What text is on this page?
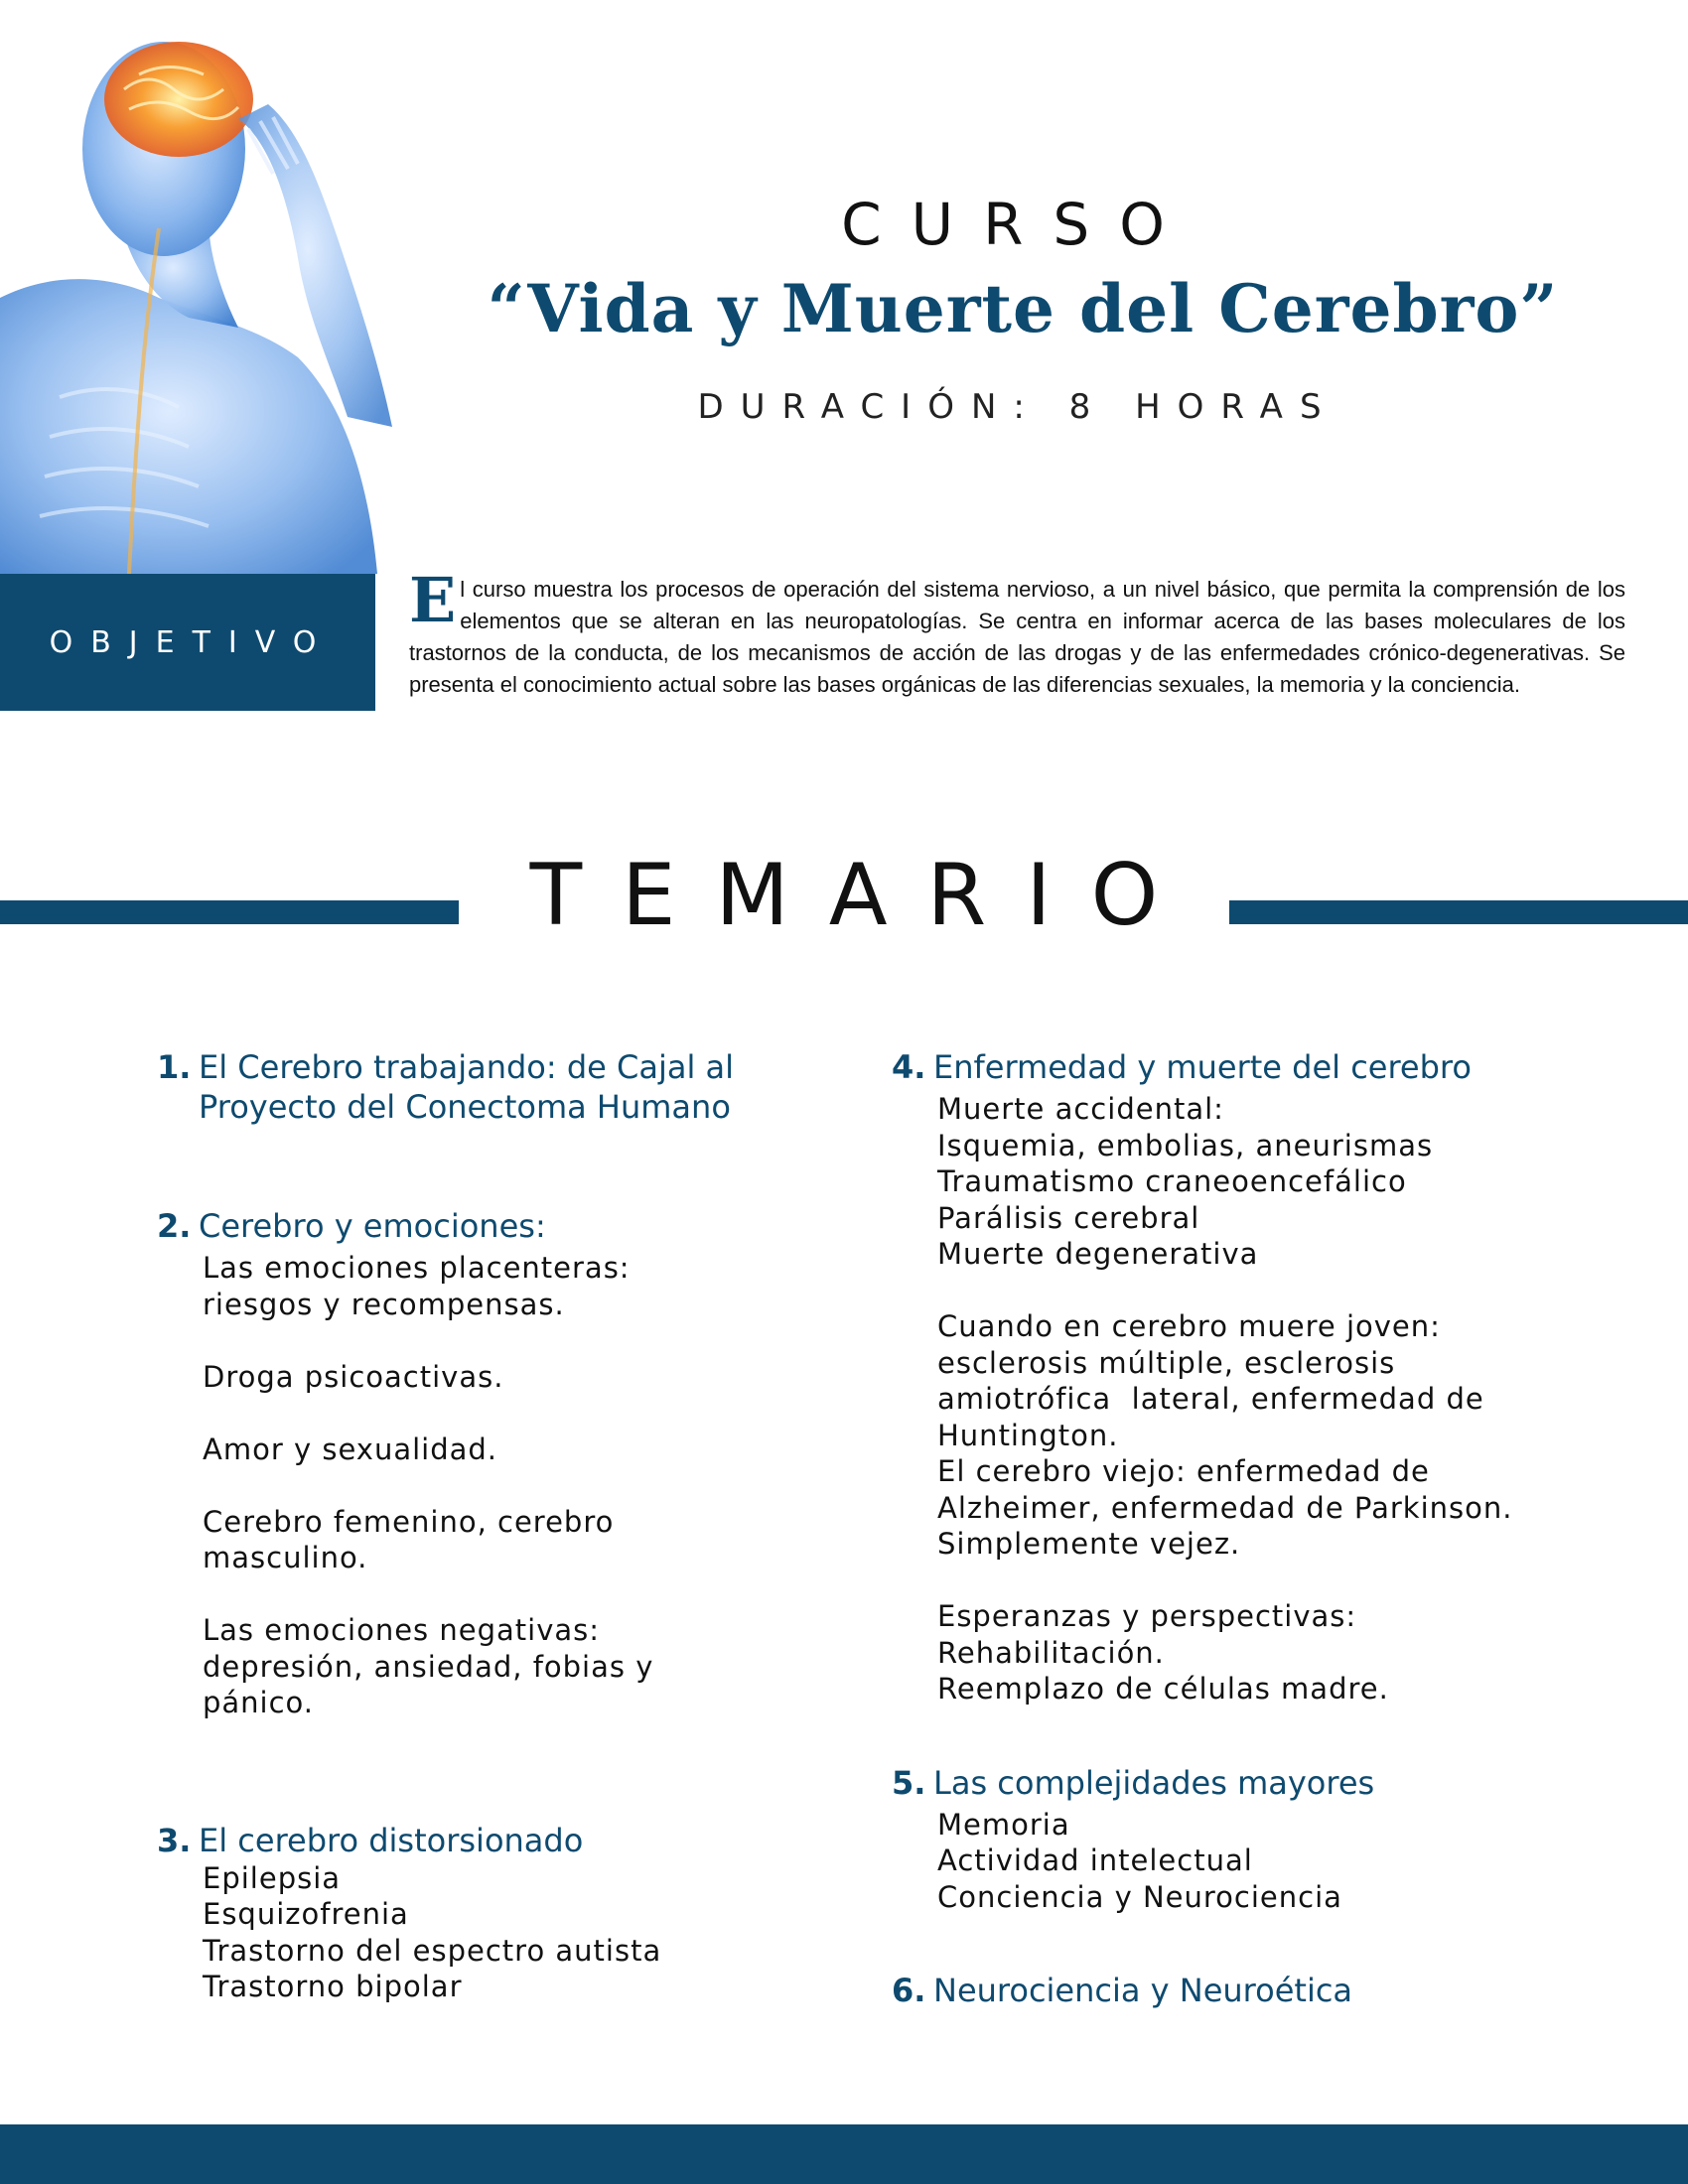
CURSO
“Vida y Muerte del Cerebro”
DURACIÓN: 8 HORAS
OBJETIVO
El curso muestra los procesos de operación del sistema nervioso, a un nivel básico, que permita la comprensión de los elementos que se alteran en las neuropatologías. Se centra en informar acerca de las bases moleculares de los trastornos de la conducta, de los mecanismos de acción de las drogas y de las enfermedades crónico-degenerativas. Se presenta el conocimiento actual sobre las bases orgánicas de las diferencias sexuales, la memoria y la conciencia.
TEMARIO
1. El Cerebro trabajando: de Cajal al Proyecto del Conectoma Humano
2. Cerebro y emociones:
Las emociones placenteras:
riesgos y recompensas.
Droga psicoactivas.
Amor y sexualidad.
Cerebro femenino, cerebro
masculino.
Las emociones negativas:
depresión, ansiedad, fobias y
pánico.
3. El cerebro distorsionado
Epilepsia
Esquizofrenia
Trastorno del espectro autista
Trastorno bipolar
4. Enfermedad y muerte del cerebro
Muerte accidental:
Isquemia, embolias, aneurismas
Traumatismo craneoencefálico
Parálisis cerebral
Muerte degenerativa
Cuando en cerebro muere joven:
esclerosis múltiple, esclerosis
amiotrófica  lateral, enfermedad de
Huntington.
El cerebro viejo: enfermedad de
Alzheimer, enfermedad de Parkinson.
Simplemente vejez.
Esperanzas y perspectivas:
Rehabilitación.
Reemplazo de células madre.
5. Las complejidades mayores
Memoria
Actividad intelectual
Conciencia y Neurociencia
6. Neurociencia y Neuroética
